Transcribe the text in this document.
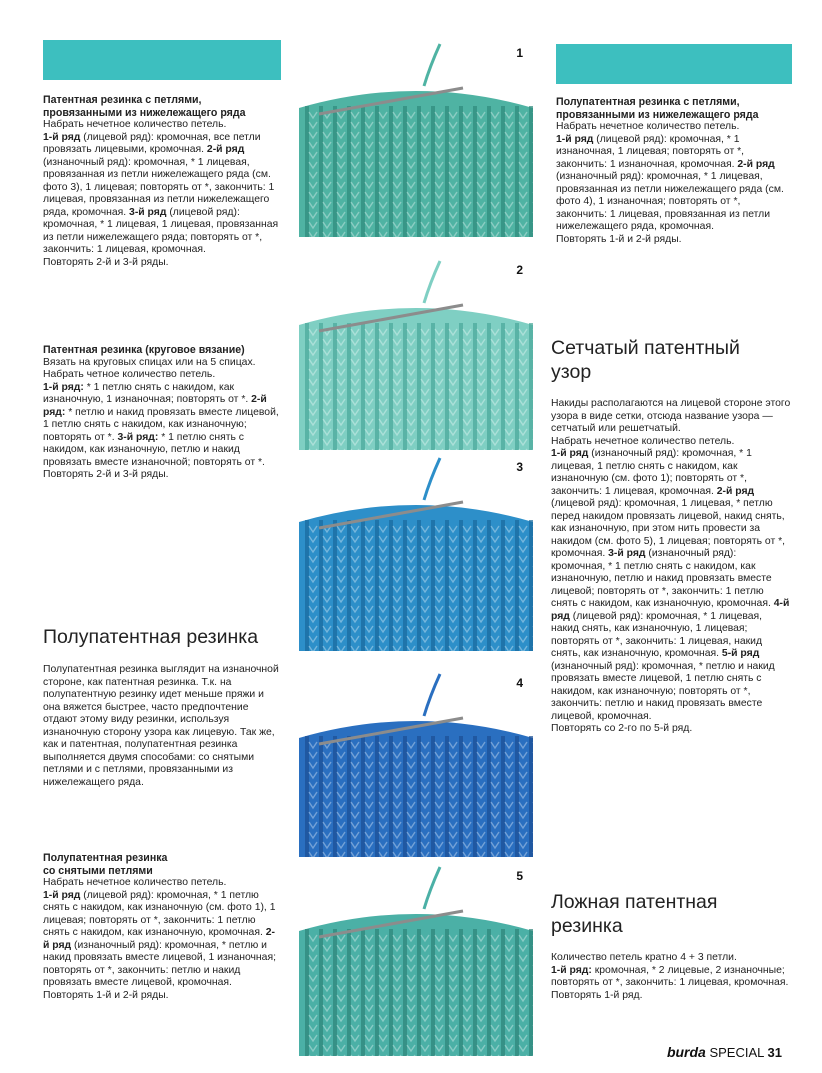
Патентная резинка с петлями, провязанными из нижележащего ряда

Набрать нечетное количество петель.

1-й ряд (лицевой ряд): кромочная, все петли провязать лицевыми, кромочная. 2-й ряд (изнаночный ряд): кромочная, * 1 лицевая, провязанная из петли нижележащего ряда (см. фото 3), 1 лицевая; повторять от *, закончить: 1 лицевая, провязанная из петли нижележащего ряда, кромочная. 3-й ряд (лицевой ряд): кромочная, * 1 лицевая, 1 лицевая, провязанная из петли нижележащего ряда; повторять от *, закончить: 1 лицевая, кромочная.

Повторять 2-й и 3-й ряды.

Патентная резинка (круговое вязание)

Вязать на круговых спицах или на 5 спицах.

Набрать четное количество петель.

1-й ряд: * 1 петлю снять с накидом, как изнаночную, 1 изнаночная; повторять от *. 2-й ряд: * петлю и накид провязать вместе лицевой, 1 петлю снять с накидом, как изнаночную; повторять от *. 3-й ряд: * 1 петлю снять с накидом, как изнаночную, петлю и накид провязать вместе изнаночной; повторять от *.

Повторять 2-й и 3-й ряды.

Полупатентная резинка

Полупатентная резинка выглядит на изнаночной стороне, как патентная резинка. Т.к. на полупатентную резинку идет меньше пряжи и она вяжется быстрее, часто предпочтение отдают этому виду резинки, используя изнаночную сторону узора как лицевую. Так же, как и патентная, полупатентная резинка выполняется двумя способами: со снятыми петлями и с петлями, провязанными из нижележащего ряда.

Полупатентная резинка

со снятыми петлями

Набрать нечетное количество петель.

1-й ряд (лицевой ряд): кромочная, * 1 петлю снять с накидом, как изнаночную (см. фото 1), 1 лицевая; повторять от *, закончить: 1 петлю снять с накидом, как изнаночную, кромочная. 2-й ряд (изнаночный ряд): кромочная, * петлю и накид провязать вместе лицевой, 1 изнаночная; повторять от *, закончить: петлю и накид провязать вместе лицевой, кромочная.

Повторять 1-й и 2-й ряды.

1
2
3
4
5

Полупатентная резинка с петлями, провязанными из нижележащего ряда

Набрать нечетное количество петель.

1-й ряд (лицевой ряд): кромочная, * 1 изнаночная, 1 лицевая; повторять от *, закончить: 1 изнаночная, кромочная. 2-й ряд (изнаночный ряд): кромочная, * 1 лицевая, провязанная из петли нижележащего ряда (см. фото 4), 1 изнаночная; повторять от *, закончить: 1 лицевая, провязанная из петли нижележащего ряда, кромочная.

Повторять 1-й и 2-й ряды.

Сетчатый патентный узор

Накиды располагаются на лицевой стороне этого узора в виде сетки, отсюда название узора — сетчатый или решетчатый.

Набрать нечетное количество петель.

1-й ряд (изнаночный ряд): кромочная, * 1 лицевая, 1 петлю снять с накидом, как изнаночную (см. фото 1); повторять от *, закончить: 1 лицевая, кромочная. 2-й ряд (лицевой ряд): кромочная, 1 лицевая, * петлю перед накидом провязать лицевой, накид снять, как изнаночную, при этом нить провести за накидом (см. фото 5), 1 лицевая; повторять от *, кромочная. 3-й ряд (изнаночный ряд): кромочная, * 1 петлю снять с накидом, как изнаночную, петлю и накид провязать вместе лицевой; повторять от *, закончить: 1 петлю снять с накидом, как изнаночную, кромочная. 4-й ряд (лицевой ряд): кромочная, * 1 лицевая, накид снять, как изнаночную, 1 лицевая; повторять от *, закончить: 1 лицевая, накид снять, как изнаночную, кромочная. 5-й ряд (изнаночный ряд): кромочная, * петлю и накид провязать вместе лицевой, 1 петлю снять с накидом, как изнаночную; повторять от *, закончить: петлю и накид провязать вместе лицевой, кромочная.

Повторять со 2-го по 5-й ряд.

Ложная патентная резинка

Количество петель кратно 4 + 3 петли.

1-й ряд: кромочная, * 2 лицевые, 2 изнаночные; повторять от *, закончить: 1 лицевая, кромочная.

Повторять 1-й ряд.

burda SPECIAL 31
